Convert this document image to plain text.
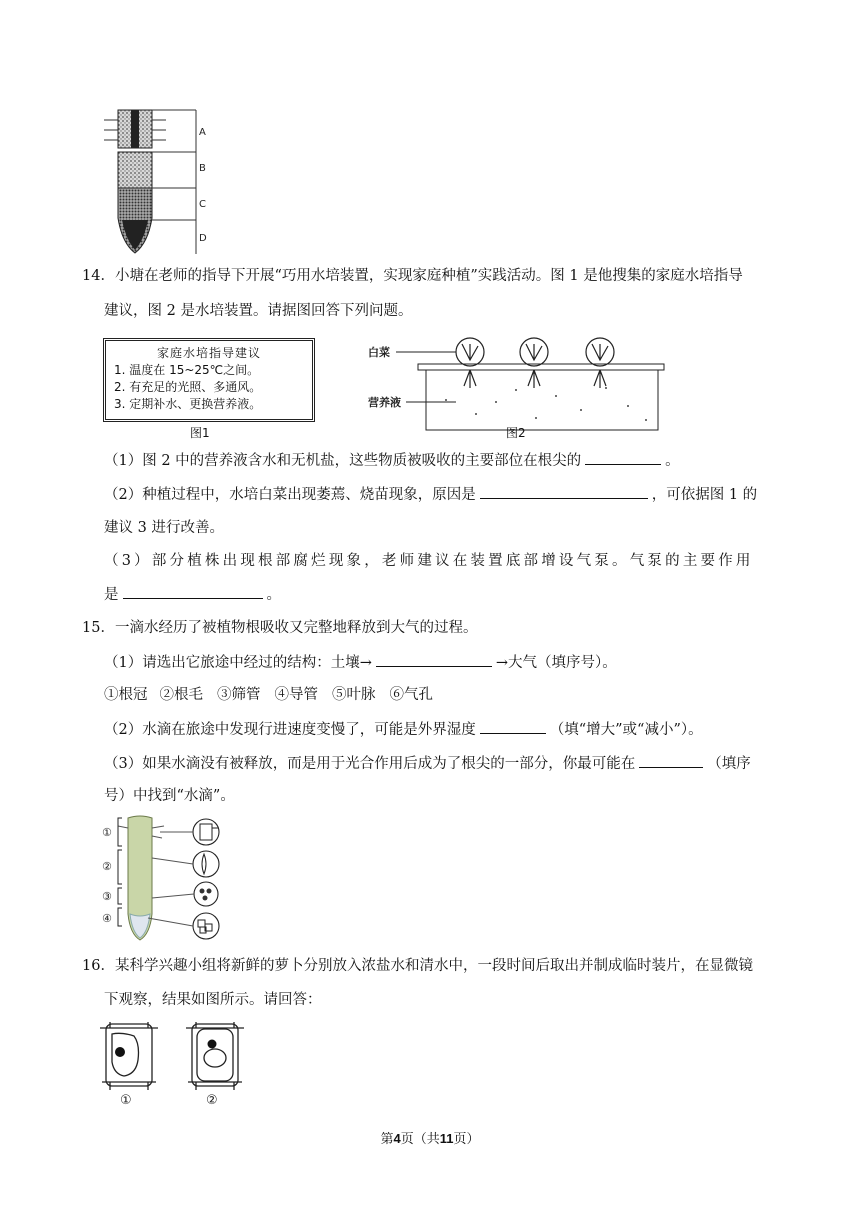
A
B
C
D
14．小塘在老师的指导下开展“巧用水培装置，实现家庭种植”实践活动。图 1 是他搜集的家庭水培指导
建议，图 2 是水培装置。请据图回答下列问题。
家庭水培指导建议
1. 温度在 15~25℃之间。
2. 有充足的光照、多通风。
3. 定期补水、更换营养液。
图1
白菜
营养液
图2
（1）图 2 中的营养液含水和无机盐，这些物质被吸收的主要部位在根尖的	。
（2）种植过程中，水培白菜出现萎蔫、烧苗现象，原因是	，可依据图 1 的
建议 3 进行改善。
（3）部分植株出现根部腐烂现象，老师建议在装置底部增设气泵。气泵的主要作用
是	。
15．一滴水经历了被植物根吸收又完整地释放到大气的过程。
（1）请选出它旅途中经过的结构：土壤→	→大气（填序号）。
①根冠 ②根毛 ③筛管 ④导管 ⑤叶脉 ⑥气孔
（2）水滴在旅途中发现行进速度变慢了，可能是外界湿度	（填“增大”或“减小”）。
（3）如果水滴没有被释放，而是用于光合作用后成为了根尖的一部分，你最可能在	（填序
号）中找到“水滴”。
①
②
③
④
16．某科学兴趣小组将新鲜的萝卜分别放入浓盐水和清水中，一段时间后取出并制成临时装片，在显微镜
下观察，结果如图所示。请回答：
①	②
第4页（共11页）
